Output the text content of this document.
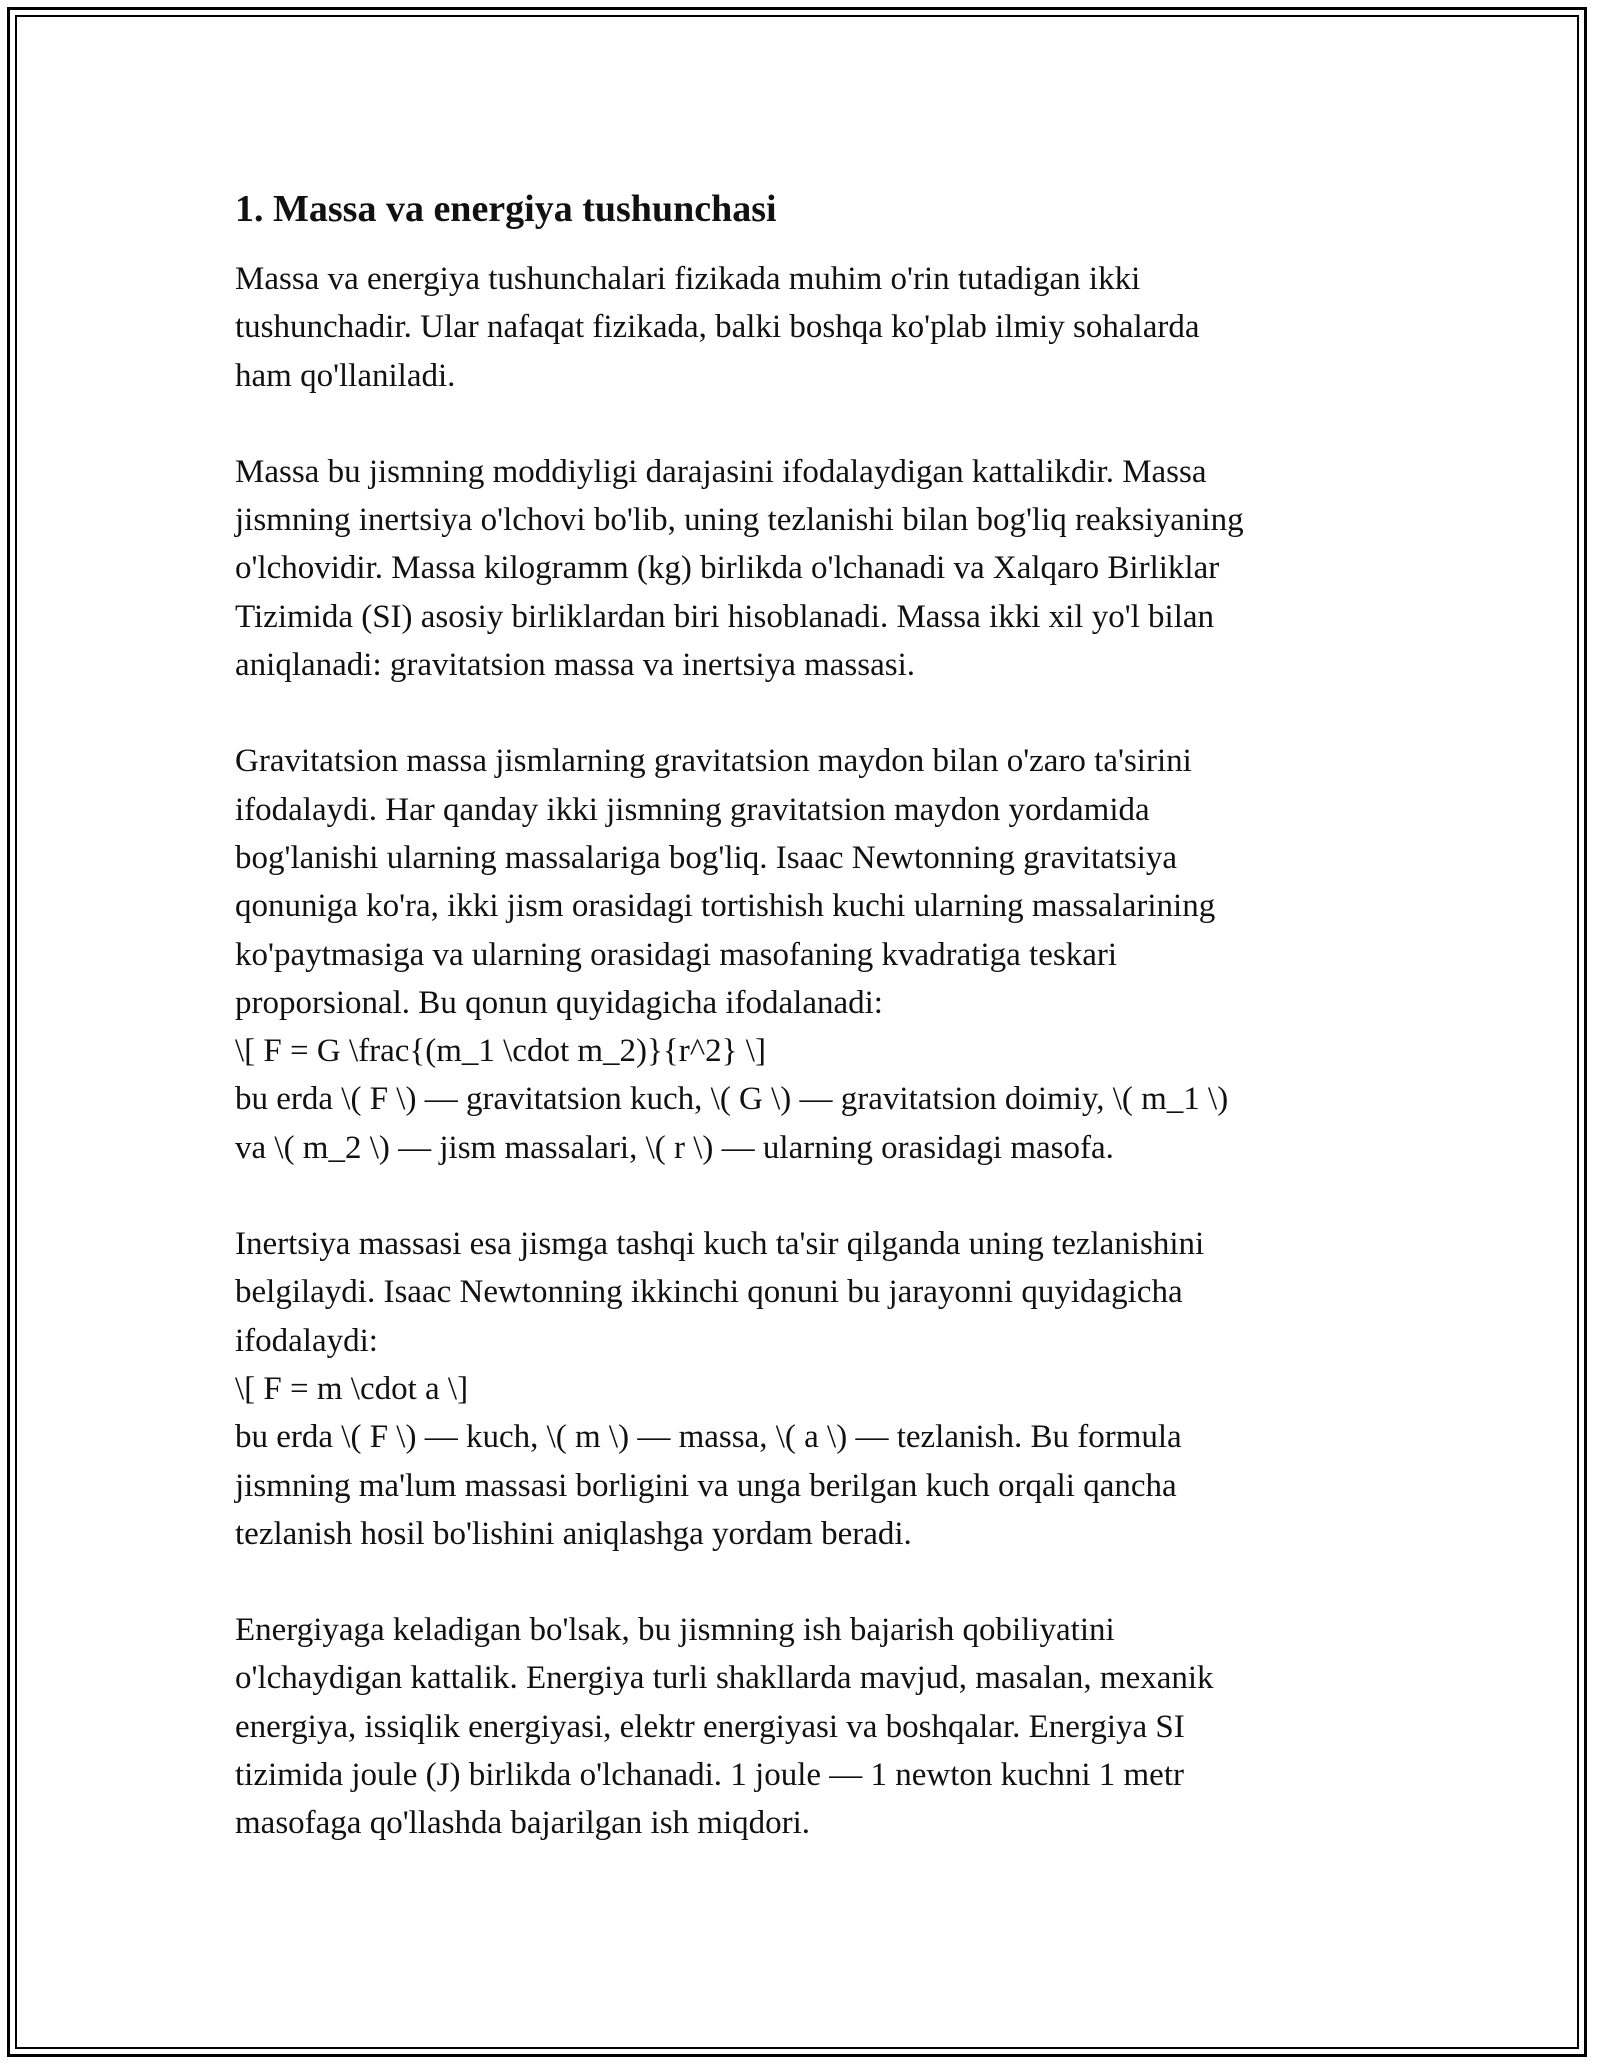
1. Massa va energiya tushunchasi
Massa va energiya tushunchalari fizikada muhim o'rin tutadigan ikki
tushunchadir. Ular nafaqat fizikada, balki boshqa ko'plab ilmiy sohalarda
ham qo'llaniladi.
Massa bu jismning moddiyligi darajasini ifodalaydigan kattalikdir. Massa
jismning inertsiya o'lchovi bo'lib, uning tezlanishi bilan bog'liq reaksiyaning
o'lchovidir. Massa kilogramm (kg) birlikda o'lchanadi va Xalqaro Birliklar
Tizimida (SI) asosiy birliklardan biri hisoblanadi. Massa ikki xil yo'l bilan
aniqlanadi: gravitatsion massa va inertsiya massasi.
Gravitatsion massa jismlarning gravitatsion maydon bilan o'zaro ta'sirini
ifodalaydi. Har qanday ikki jismning gravitatsion maydon yordamida
bog'lanishi ularning massalariga bog'liq. Isaac Newtonning gravitatsiya
qonuniga ko'ra, ikki jism orasidagi tortishish kuchi ularning massalarining
ko'paytmasiga va ularning orasidagi masofaning kvadratiga teskari
proporsional. Bu qonun quyidagicha ifodalanadi:
\[ F = G \frac{(m_1 \cdot m_2)}{r^2} \]
bu erda \( F \) — gravitatsion kuch, \( G \) — gravitatsion doimiy, \( m_1 \)
va \( m_2 \) — jism massalari, \( r \) — ularning orasidagi masofa.
Inertsiya massasi esa jismga tashqi kuch ta'sir qilganda uning tezlanishini
belgilaydi. Isaac Newtonning ikkinchi qonuni bu jarayonni quyidagicha
ifodalaydi:
\[ F = m \cdot a \]
bu erda \( F \) — kuch, \( m \) — massa, \( a \) — tezlanish. Bu formula
jismning ma'lum massasi borligini va unga berilgan kuch orqali qancha
tezlanish hosil bo'lishini aniqlashga yordam beradi.
Energiyaga keladigan bo'lsak, bu jismning ish bajarish qobiliyatini
o'lchaydigan kattalik. Energiya turli shakllarda mavjud, masalan, mexanik
energiya, issiqlik energiyasi, elektr energiyasi va boshqalar. Energiya SI
tizimida joule (J) birlikda o'lchanadi. 1 joule — 1 newton kuchni 1 metr
masofaga qo'llashda bajarilgan ish miqdori.
